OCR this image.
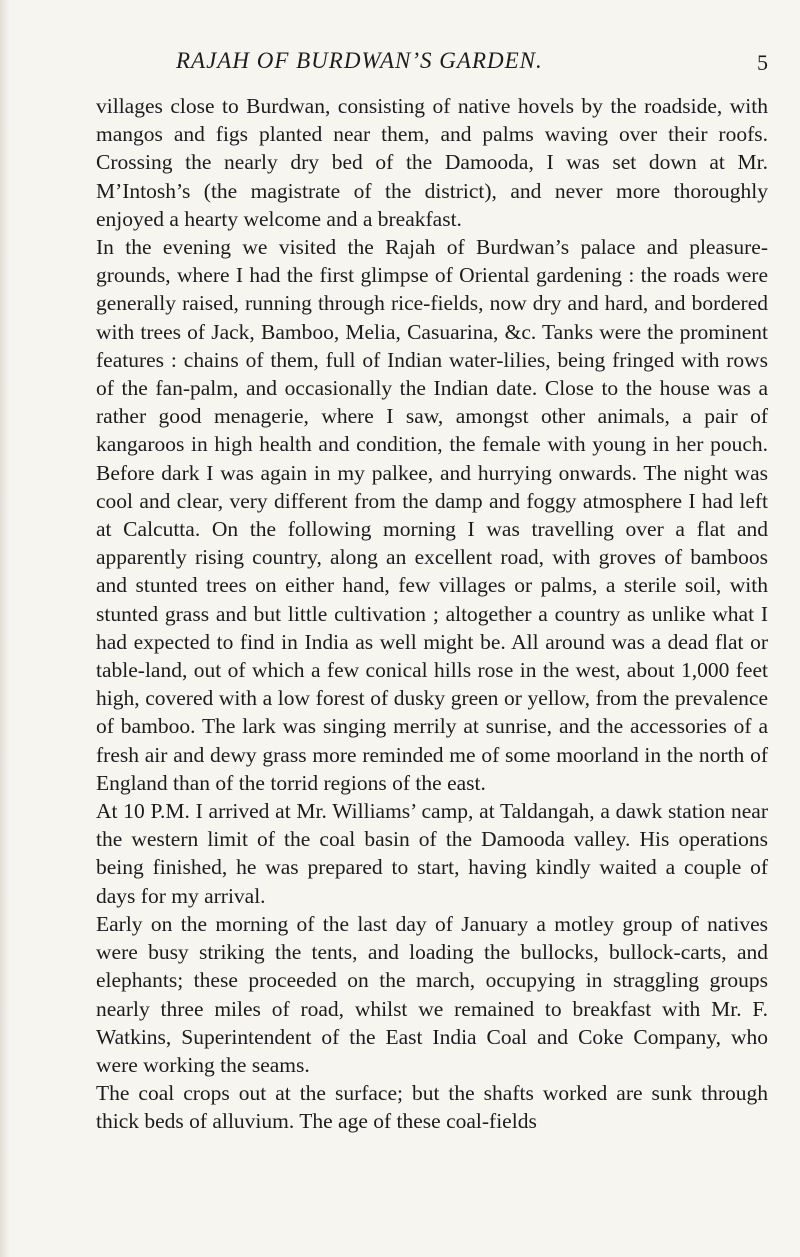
RAJAH OF BURDWAN’S GARDEN.	5

villages close to Burdwan, consisting of native hovels by the roadside, with mangos and figs planted near them, and palms waving over their roofs. Crossing the nearly dry bed of the Damooda, I was set down at Mr. M’Intosh’s (the magistrate of the district), and never more thoroughly enjoyed a hearty welcome and a breakfast.

In the evening we visited the Rajah of Burdwan’s palace and pleasure-grounds, where I had the first glimpse of Oriental gardening : the roads were generally raised, running through rice-fields, now dry and hard, and bordered with trees of Jack, Bamboo, Melia, Casuarina, &c. Tanks were the prominent features : chains of them, full of Indian water-lilies, being fringed with rows of the fan-palm, and occasionally the Indian date. Close to the house was a rather good menagerie, where I saw, amongst other animals, a pair of kangaroos in high health and condition, the female with young in her pouch. Before dark I was again in my palkee, and hurrying onwards. The night was cool and clear, very different from the damp and foggy atmosphere I had left at Calcutta. On the following morning I was travelling over a flat and apparently rising country, along an excellent road, with groves of bamboos and stunted trees on either hand, few villages or palms, a sterile soil, with stunted grass and but little cultivation ; altogether a country as unlike what I had expected to find in India as well might be. All around was a dead flat or table-land, out of which a few conical hills rose in the west, about 1,000 feet high, covered with a low forest of dusky green or yellow, from the prevalence of bamboo. The lark was singing merrily at sunrise, and the accessories of a fresh air and dewy grass more reminded me of some moorland in the north of England than of the torrid regions of the east.

At 10 P.M. I arrived at Mr. Williams’ camp, at Taldangah, a dawk station near the western limit of the coal basin of the Damooda valley. His operations being finished, he was prepared to start, having kindly waited a couple of days for my arrival.

Early on the morning of the last day of January a motley group of natives were busy striking the tents, and loading the bullocks, bullock-carts, and elephants; these proceeded on the march, occupying in straggling groups nearly three miles of road, whilst we remained to breakfast with Mr. F. Watkins, Superintendent of the East India Coal and Coke Company, who were working the seams.

The coal crops out at the surface; but the shafts worked are sunk through thick beds of alluvium. The age of these coal-fields
